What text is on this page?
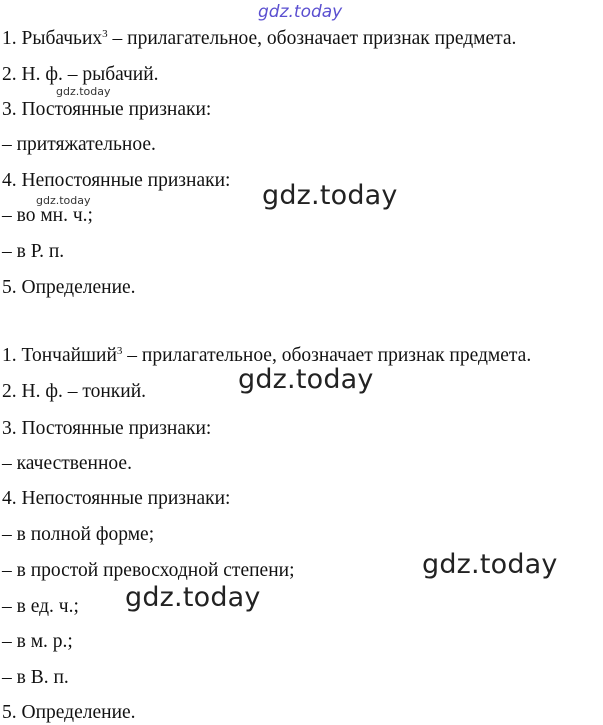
1. Рыбачьих$^3$ – прилагательное, обозначает признак предмета.
2. Н. ф. – рыбачий.
3. Постоянные признаки:
– притяжательное.
4. Непостоянные признаки:
– во мн. ч.;
– в Р. п.
5. Определение.
1. Тончайший$^3$ – прилагательное, обозначает признак предмета.
2. Н. ф. – тонкий.
3. Постоянные признаки:
– качественное.
4. Непостоянные признаки:
– в полной форме;
– в простой превосходной степени;
– в ед. ч.;
– в м. р.;
– в В. п.
5. Определение.
gdz.today
gdz.today
gdz.today	gdz.today
gdz.today
gdz.today
gdz.today
